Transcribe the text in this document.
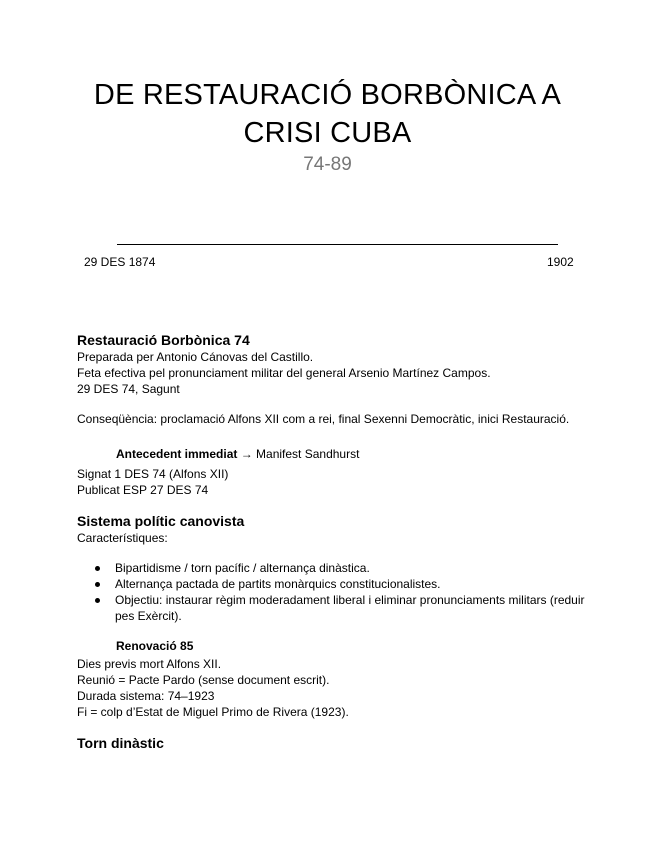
DE RESTAURACIÓ BORBÒNICA A
CRISI CUBA
74-89
29 DES 1874	1902
Restauració Borbònica 74
Preparada per Antonio Cánovas del Castillo.
Feta efectiva pel pronunciament militar del general Arsenio Martínez Campos.
29 DES 74, Sagunt
Conseqüència: proclamació Alfons XII com a rei, final Sexenni Democràtic, inici Restauració.
Antecedent immediat → Manifest Sandhurst
Signat 1 DES 74 (Alfons XII)
Publicat ESP 27 DES 74
Sistema polític canovista
Característiques:
Bipartidisme / torn pacífic / alternança dinàstica.
Alternança pactada de partits monàrquics constitucionalistes.
Objectiu: instaurar règim moderadament liberal i eliminar pronunciaments militars (reduir pes Exèrcit).
Renovació 85
Dies previs mort Alfons XII.
Reunió = Pacte Pardo (sense document escrit).
Durada sistema: 74–1923
Fi = colp d’Estat de Miguel Primo de Rivera (1923).
Torn dinàstic
